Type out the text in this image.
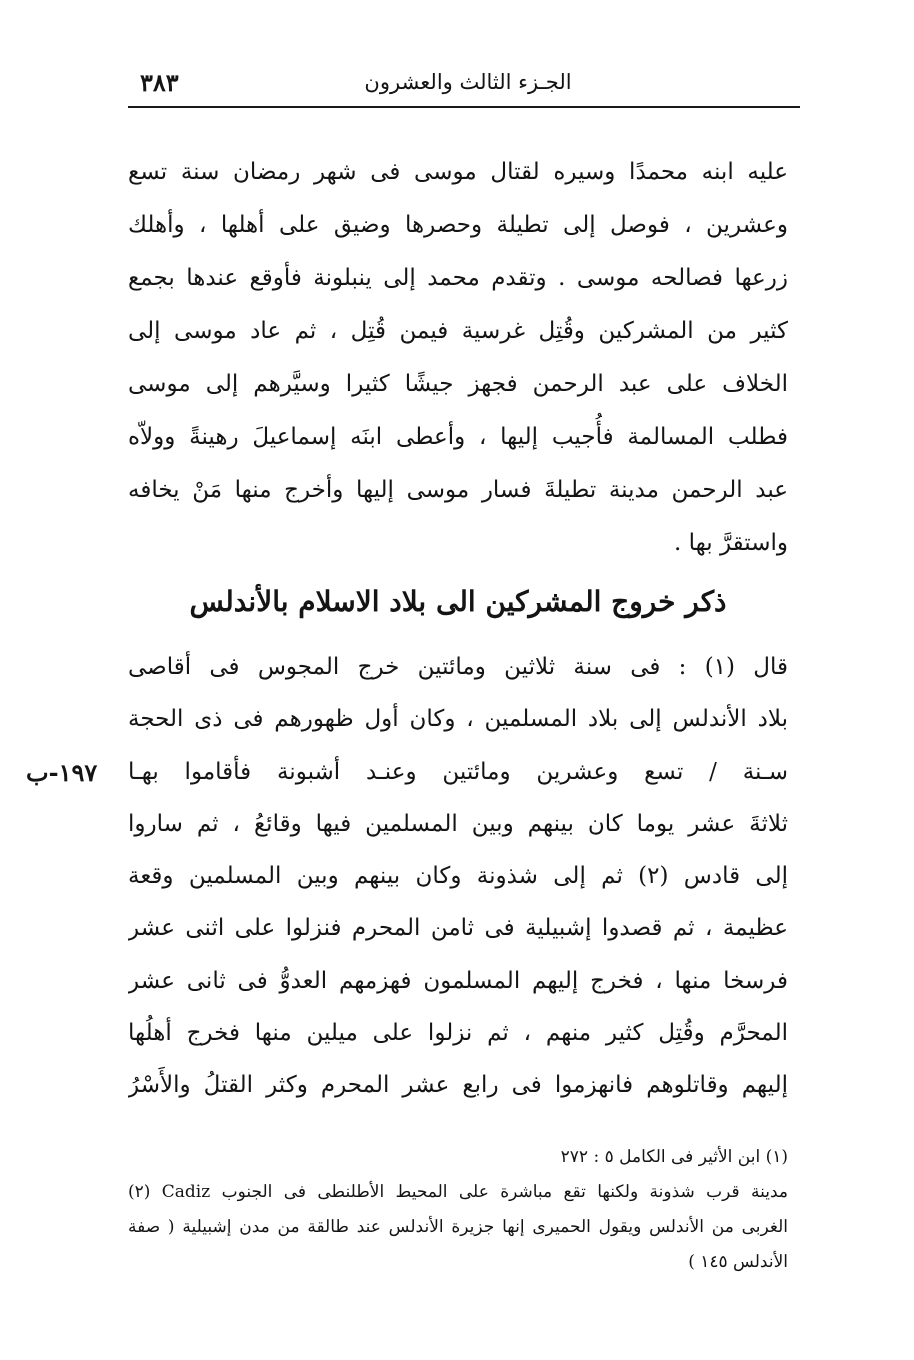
٣٨٣	الجـزء الثالث والعشرون
عليه ابنه محمدًا وسيره لقتال موسى فى شهر رمضان سنة تسع
وعشرين ، فوصل إلى تطيلة وحصرها وضيق على أهلها ، وأهلك
زرعها فصالحه موسى . وتقدم محمد إلى ينبلونة فأوقع عندها بجمع
كثير من المشركين وقُتِل غرسية فيمن قُتِل ، ثم عاد موسى إلى
الخلاف على عبد الرحمن فجهز جيشًا كثيرا وسيَّرهم إلى موسى
فطلب المسالمة فأُجيب إليها ، وأعطى ابنَه إسماعيلَ رهينةً وولاّه
عبد الرحمن مدينة تطيلةَ فسار موسى إليها وأخرج منها مَنْ يخافه
واستقرَّ بها .
ذكر خروج المشركين الى بلاد الاسلام بالأندلس
قال (١) : فى سنة ثلاثين ومائتين خرج المجوس فى أقاصى
بلاد الأندلس إلى بلاد المسلمين ، وكان أول ظهورهم فى ذى الحجة
سـنة / تسع وعشرين ومائتين وعنـد أشبونة فأقاموا بهـا
ثلاثةَ عشر يوما كان بينهم وبين المسلمين فيها وقائعُ ، ثم ساروا
إلى قادس (٢) ثم إلى شذونة وكان بينهم وبين المسلمين وقعة
عظيمة ، ثم قصدوا إشبيلية فى ثامن المحرم فنزلوا على اثنى عشر
فرسخا منها ، فخرج إليهم المسلمون فهزمهم العدوُّ فى ثانى عشر
المحرَّم وقُتِل كثير منهم ، ثم نزلوا على ميلين منها فخرج أهلُها
إليهم وقاتلوهم فانهزموا فى رابع عشر المحرم وكثر القتلُ والأَسْرُ
١٩٧-ب
(١) ابن الأثير فى الكامل ٥ : ٢٧٢
(٢) Cadiz مدينة قرب شذونة ولكنها تقع مباشرة على المحيط الأطلنطى فى الجنوب
الغربى من الأندلس ويقول الحميرى إنها جزيرة الأندلس عند طالقة من مدن إشبيلية ( صفة
الأندلس ١٤٥ )
